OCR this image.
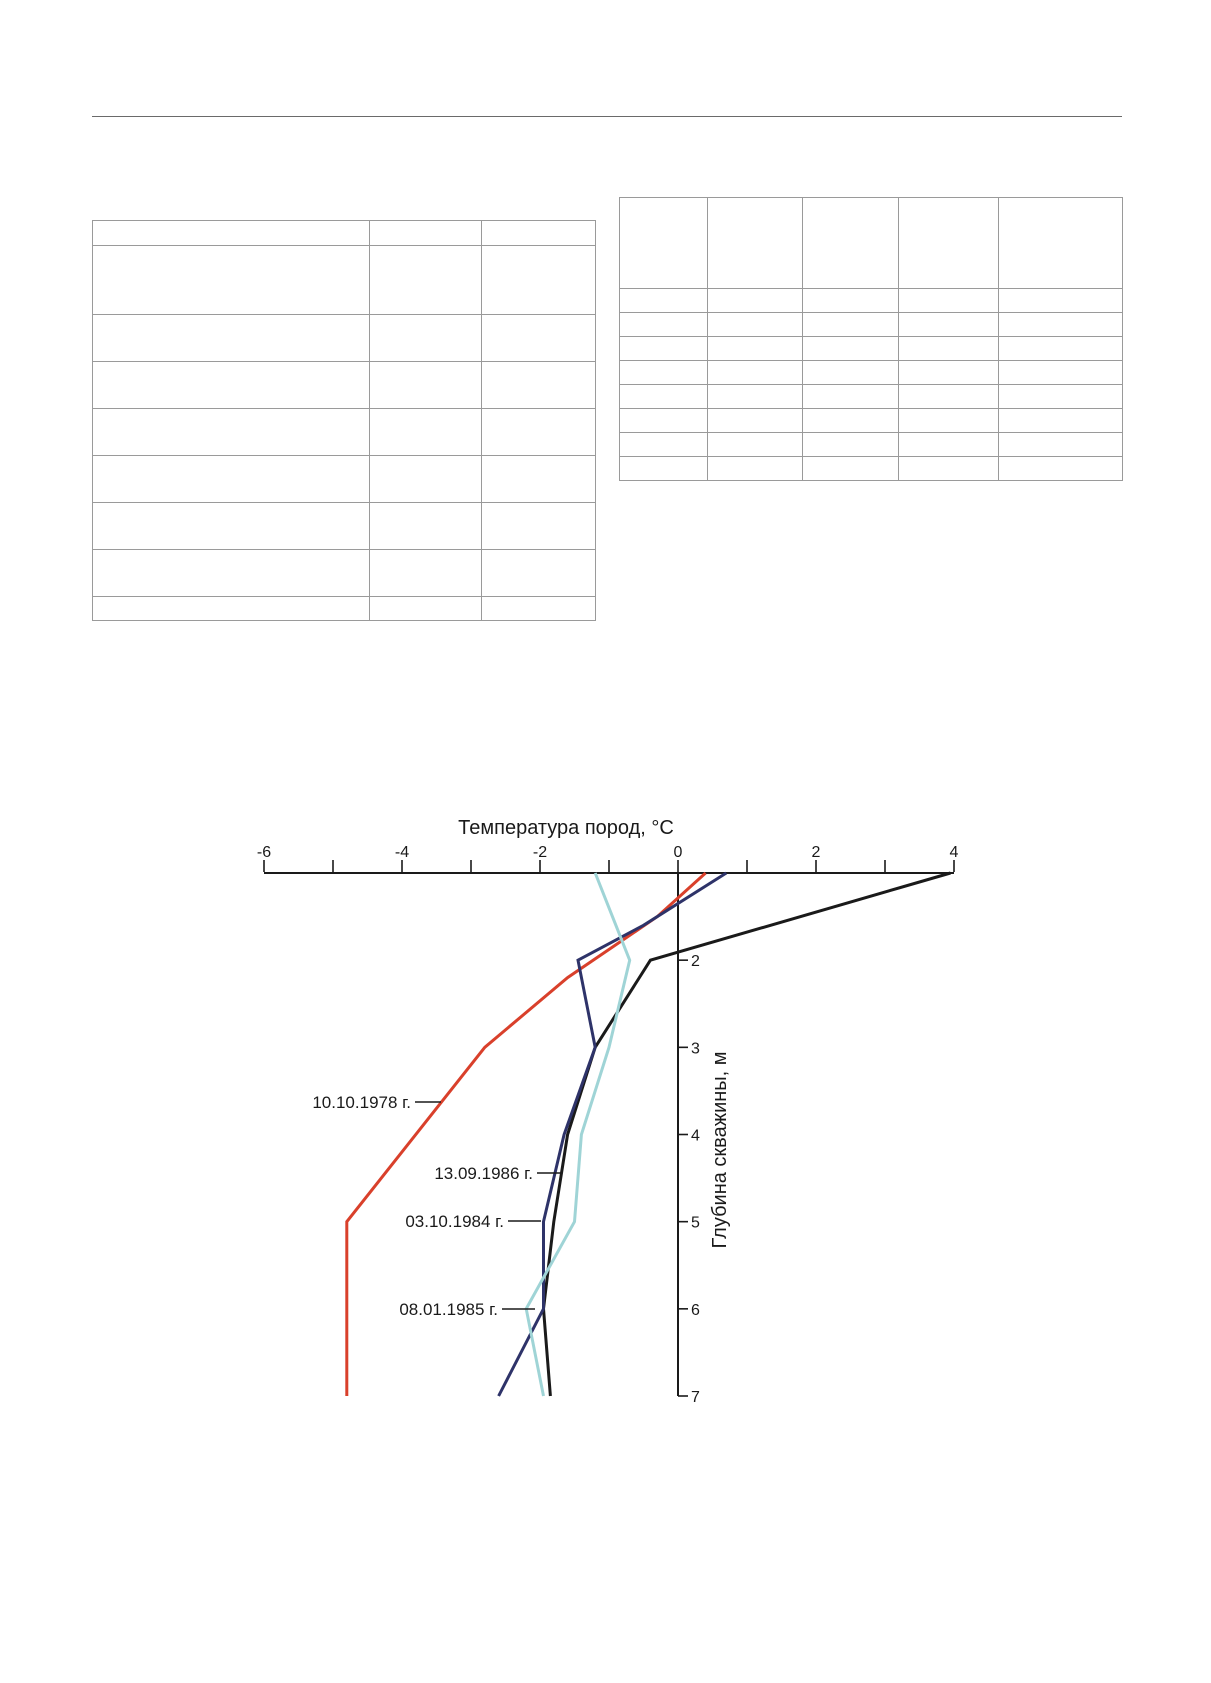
Температура пород, °C
Глубина скважины, м
-6	-4	-2	0	2	4
2
3
4
5
6
7
10.10.1978 г.
13.09.1986 г.
03.10.1984 г.
08.01.1985 г.
